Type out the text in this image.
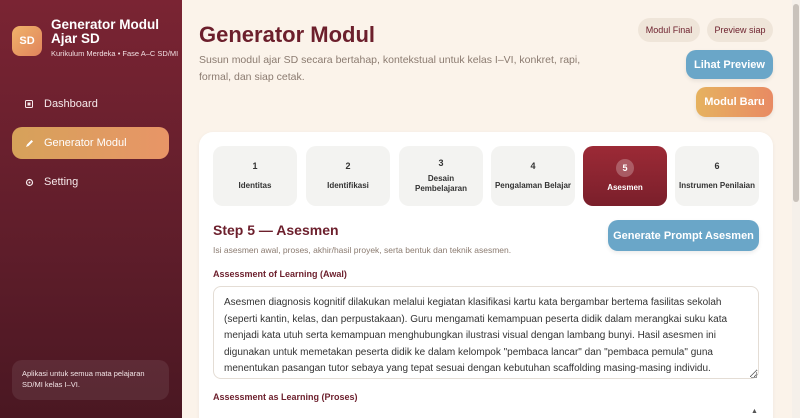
SD
Generator Modul Ajar SD
Kurikulum Merdeka • Fase A–C SD/MI
Dashboard
Generator Modul
Setting
Aplikasi untuk semua mata pelajaran SD/MI kelas I–VI.
Generator Modul
Susun modul ajar SD secara bertahap, kontekstual untuk kelas I–VI, konkret, rapi, formal, dan siap cetak.
Modul Final	Preview siap
Lihat Preview
Modul Baru
1
Identitas
2
Identifikasi
3
Desain Pembelajaran
4
Pengalaman Belajar
5
Asesmen
6
Instrumen Penilaian
Step 5 — Asesmen
Isi asesmen awal, proses, akhir/hasil proyek, serta bentuk dan teknik asesmen.
Generate Prompt Asesmen
Assessment of Learning (Awal)
Asesmen diagnosis kognitif dilakukan melalui kegiatan klasifikasi kartu kata bergambar bertema fasilitas sekolah (seperti kantin, kelas, dan perpustakaan). Guru mengamati kemampuan peserta didik dalam merangkai suku kata menjadi kata utuh serta kemampuan menghubungkan ilustrasi visual dengan lambang bunyi. Hasil asesmen ini digunakan untuk memetakan peserta didik ke dalam kelompok "pembaca lancar" dan "pembaca pemula" guna menentukan pasangan tutor sebaya yang tepat sesuai dengan kebutuhan scaffolding masing-masing individu.
Assessment as Learning (Proses)
▲
